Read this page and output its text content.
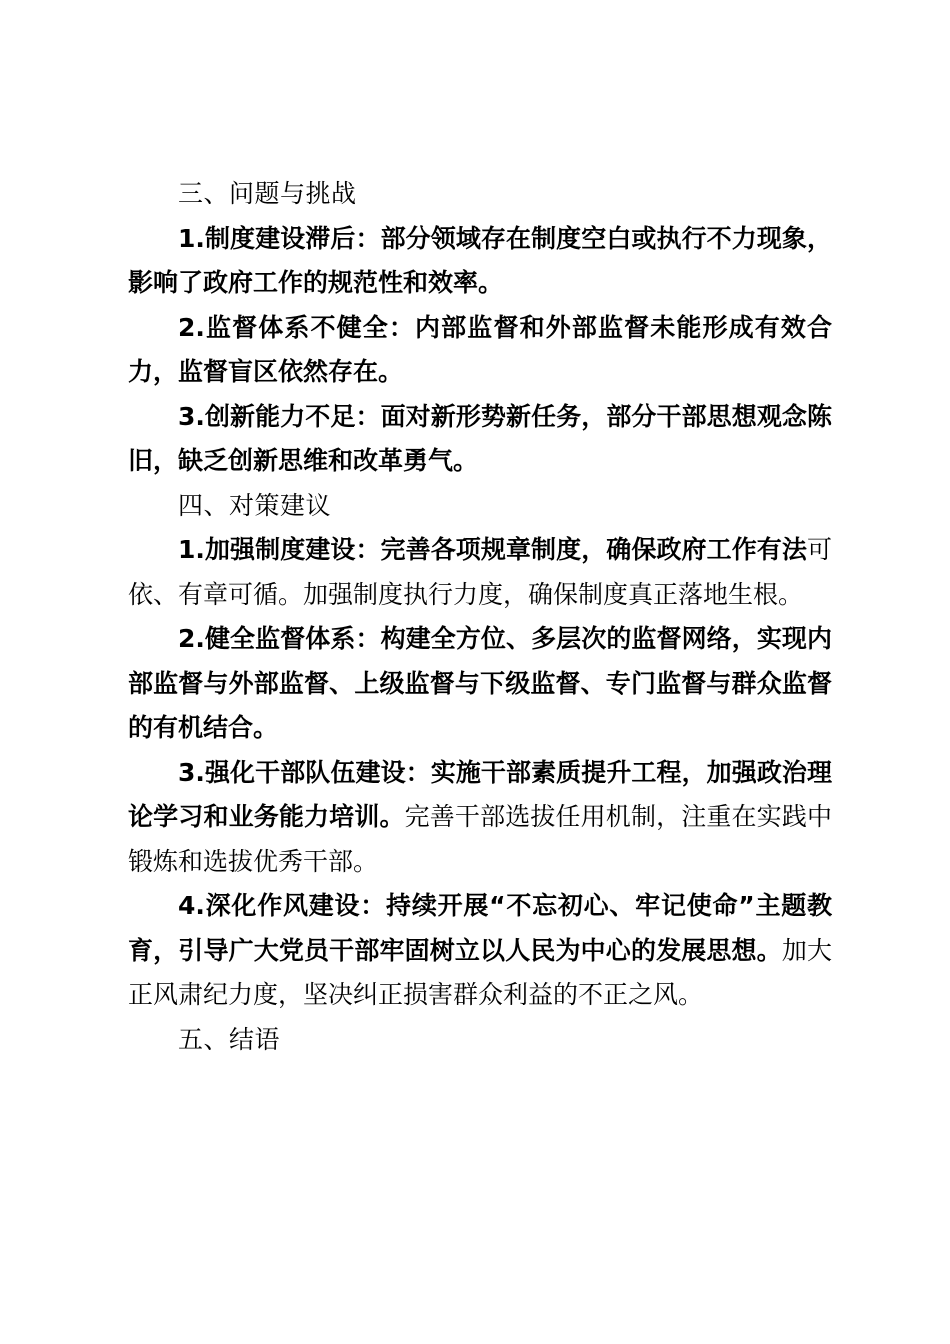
三、问题与挑战

1.制度建设滞后：部分领域存在制度空白或执行不力现象，影响了政府工作的规范性和效率。

2.监督体系不健全：内部监督和外部监督未能形成有效合力，监督盲区依然存在。

3.创新能力不足：面对新形势新任务，部分干部思想观念陈旧，缺乏创新思维和改革勇气。

四、对策建议

1.加强制度建设：完善各项规章制度，确保政府工作有法可依、有章可循。加强制度执行力度，确保制度真正落地生根。

2.健全监督体系：构建全方位、多层次的监督网络，实现内部监督与外部监督、上级监督与下级监督、专门监督与群众监督的有机结合。

3.强化干部队伍建设：实施干部素质提升工程，加强政治理论学习和业务能力培训。完善干部选拔任用机制，注重在实践中锻炼和选拔优秀干部。

4.深化作风建设：持续开展“不忘初心、牢记使命”主题教育，引导广大党员干部牢固树立以人民为中心的发展思想。加大正风肃纪力度，坚决纠正损害群众利益的不正之风。

五、结语
